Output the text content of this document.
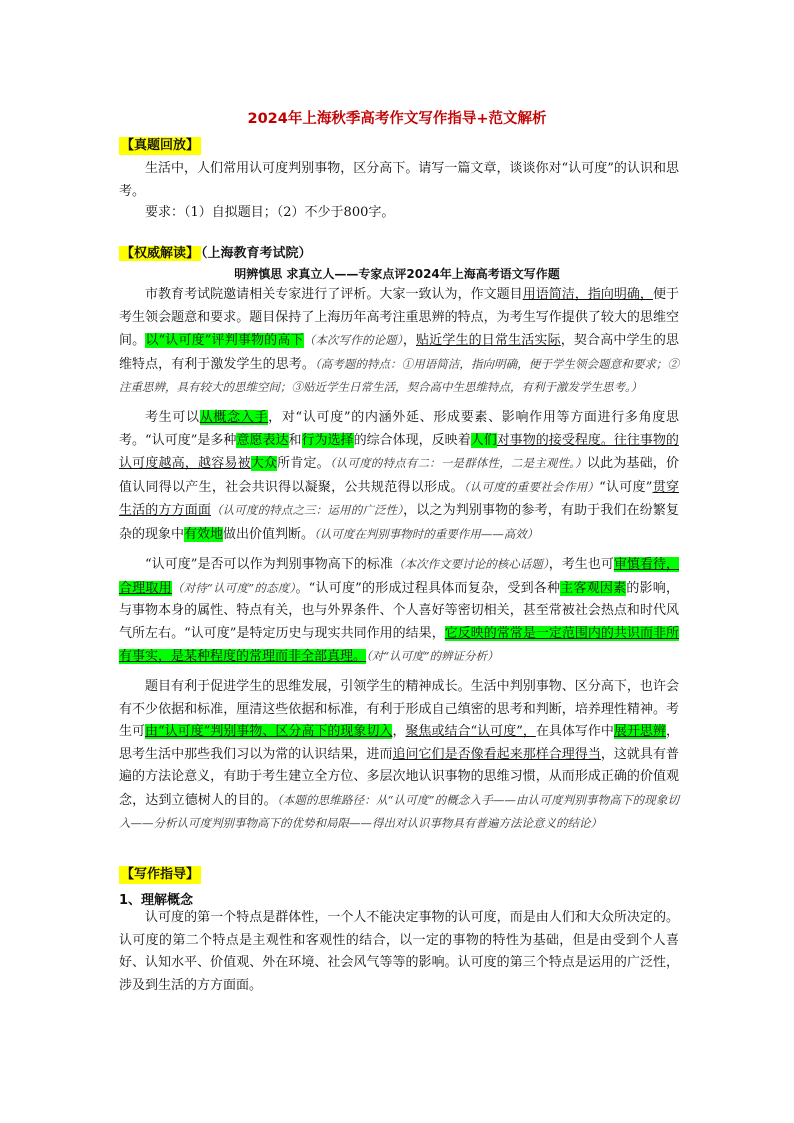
2024年上海秋季高考作文写作指导+范文解析
【真题回放】

生活中，人们常用认可度判别事物，区分高下。请写一篇文章，谈谈你对“认可度”的认识和思考。

要求：（1）自拟题目；（2）不少于800字。

【权威解读】 （上海教育考试院）
明辨慎思 求真立人——专家点评2024年上海高考语文写作题

市教育考试院邀请相关专家进行了评析。大家一致认为，作文题目用语简洁，指向明确，便于考生领会题意和要求。题目保持了上海历年高考注重思辨的特点，为考生写作提供了较大的思维空间。以“认可度”评判事物的高下（本次写作的论题），贴近学生的日常生活实际，契合高中学生的思维特点，有利于激发学生的思考。（高考题的特点：①用语简洁，指向明确，便于学生领会题意和要求；②注重思辨，具有较大的思维空间；③贴近学生日常生活，契合高中生思维特点，有利于激发学生思考。）

考生可以从概念入手，对“认可度”的内涵外延、形成要素、影响作用等方面进行多角度思考。“认可度”是多种意愿表达和行为选择的综合体现，反映着人们对事物的接受程度。往往事物的认可度越高，越容易被大众所肯定。（认可度的特点有二：一是群体性，二是主观性。）以此为基础，价值认同得以产生，社会共识得以凝聚，公共规范得以形成。（认可度的重要社会作用）“认可度”贯穿生活的方方面面（认可度的特点之三：运用的广泛性），以之为判别事物的参考，有助于我们在纷繁复杂的现象中有效地做出价值判断。（认可度在判别事物时的重要作用——高效）

“认可度”是否可以作为判别事物高下的标准（本次作文要讨论的核心话题），考生也可审慎看待，合理取用（对待“认可度”的态度）。“认可度”的形成过程具体而复杂，受到各种主客观因素的影响，与事物本身的属性、特点有关，也与外界条件、个人喜好等密切相关，甚至常被社会热点和时代风气所左右。“认可度”是特定历史与现实共同作用的结果，它反映的常常是一定范围内的共识而非所有事实，是某种程度的常理而非全部真理。（对“认可度”的辨证分析）

题目有利于促进学生的思维发展，引领学生的精神成长。生活中判别事物、区分高下，也许会有不少依据和标准，厘清这些依据和标准，有利于形成自己缜密的思考和判断，培养理性精神。考生可由“认可度”判别事物、区分高下的现象切入，聚焦或结合“认可度”，在具体写作中展开思辨，思考生活中那些我们习以为常的认识结果，进而追问它们是否像看起来那样合理得当，这就具有普遍的方法论意义，有助于考生建立全方位、多层次地认识事物的思维习惯，从而形成正确的价值观念，达到立德树人的目的。（本题的思维路径：从“认可度”的概念入手——由认可度判别事物高下的现象切入——分析认可度判别事物高下的优势和局限——得出对认识事物具有普遍方法论意义的结论）

【写作指导】
1、理解概念

认可度的第一个特点是群体性，一个人不能决定事物的认可度，而是由人们和大众所决定的。认可度的第二个特点是主观性和客观性的结合，以一定的事物的特性为基础，但是由受到个人喜好、认知水平、价值观、外在环境、社会风气等等的影响。认可度的第三个特点是运用的广泛性，涉及到生活的方方面面。
